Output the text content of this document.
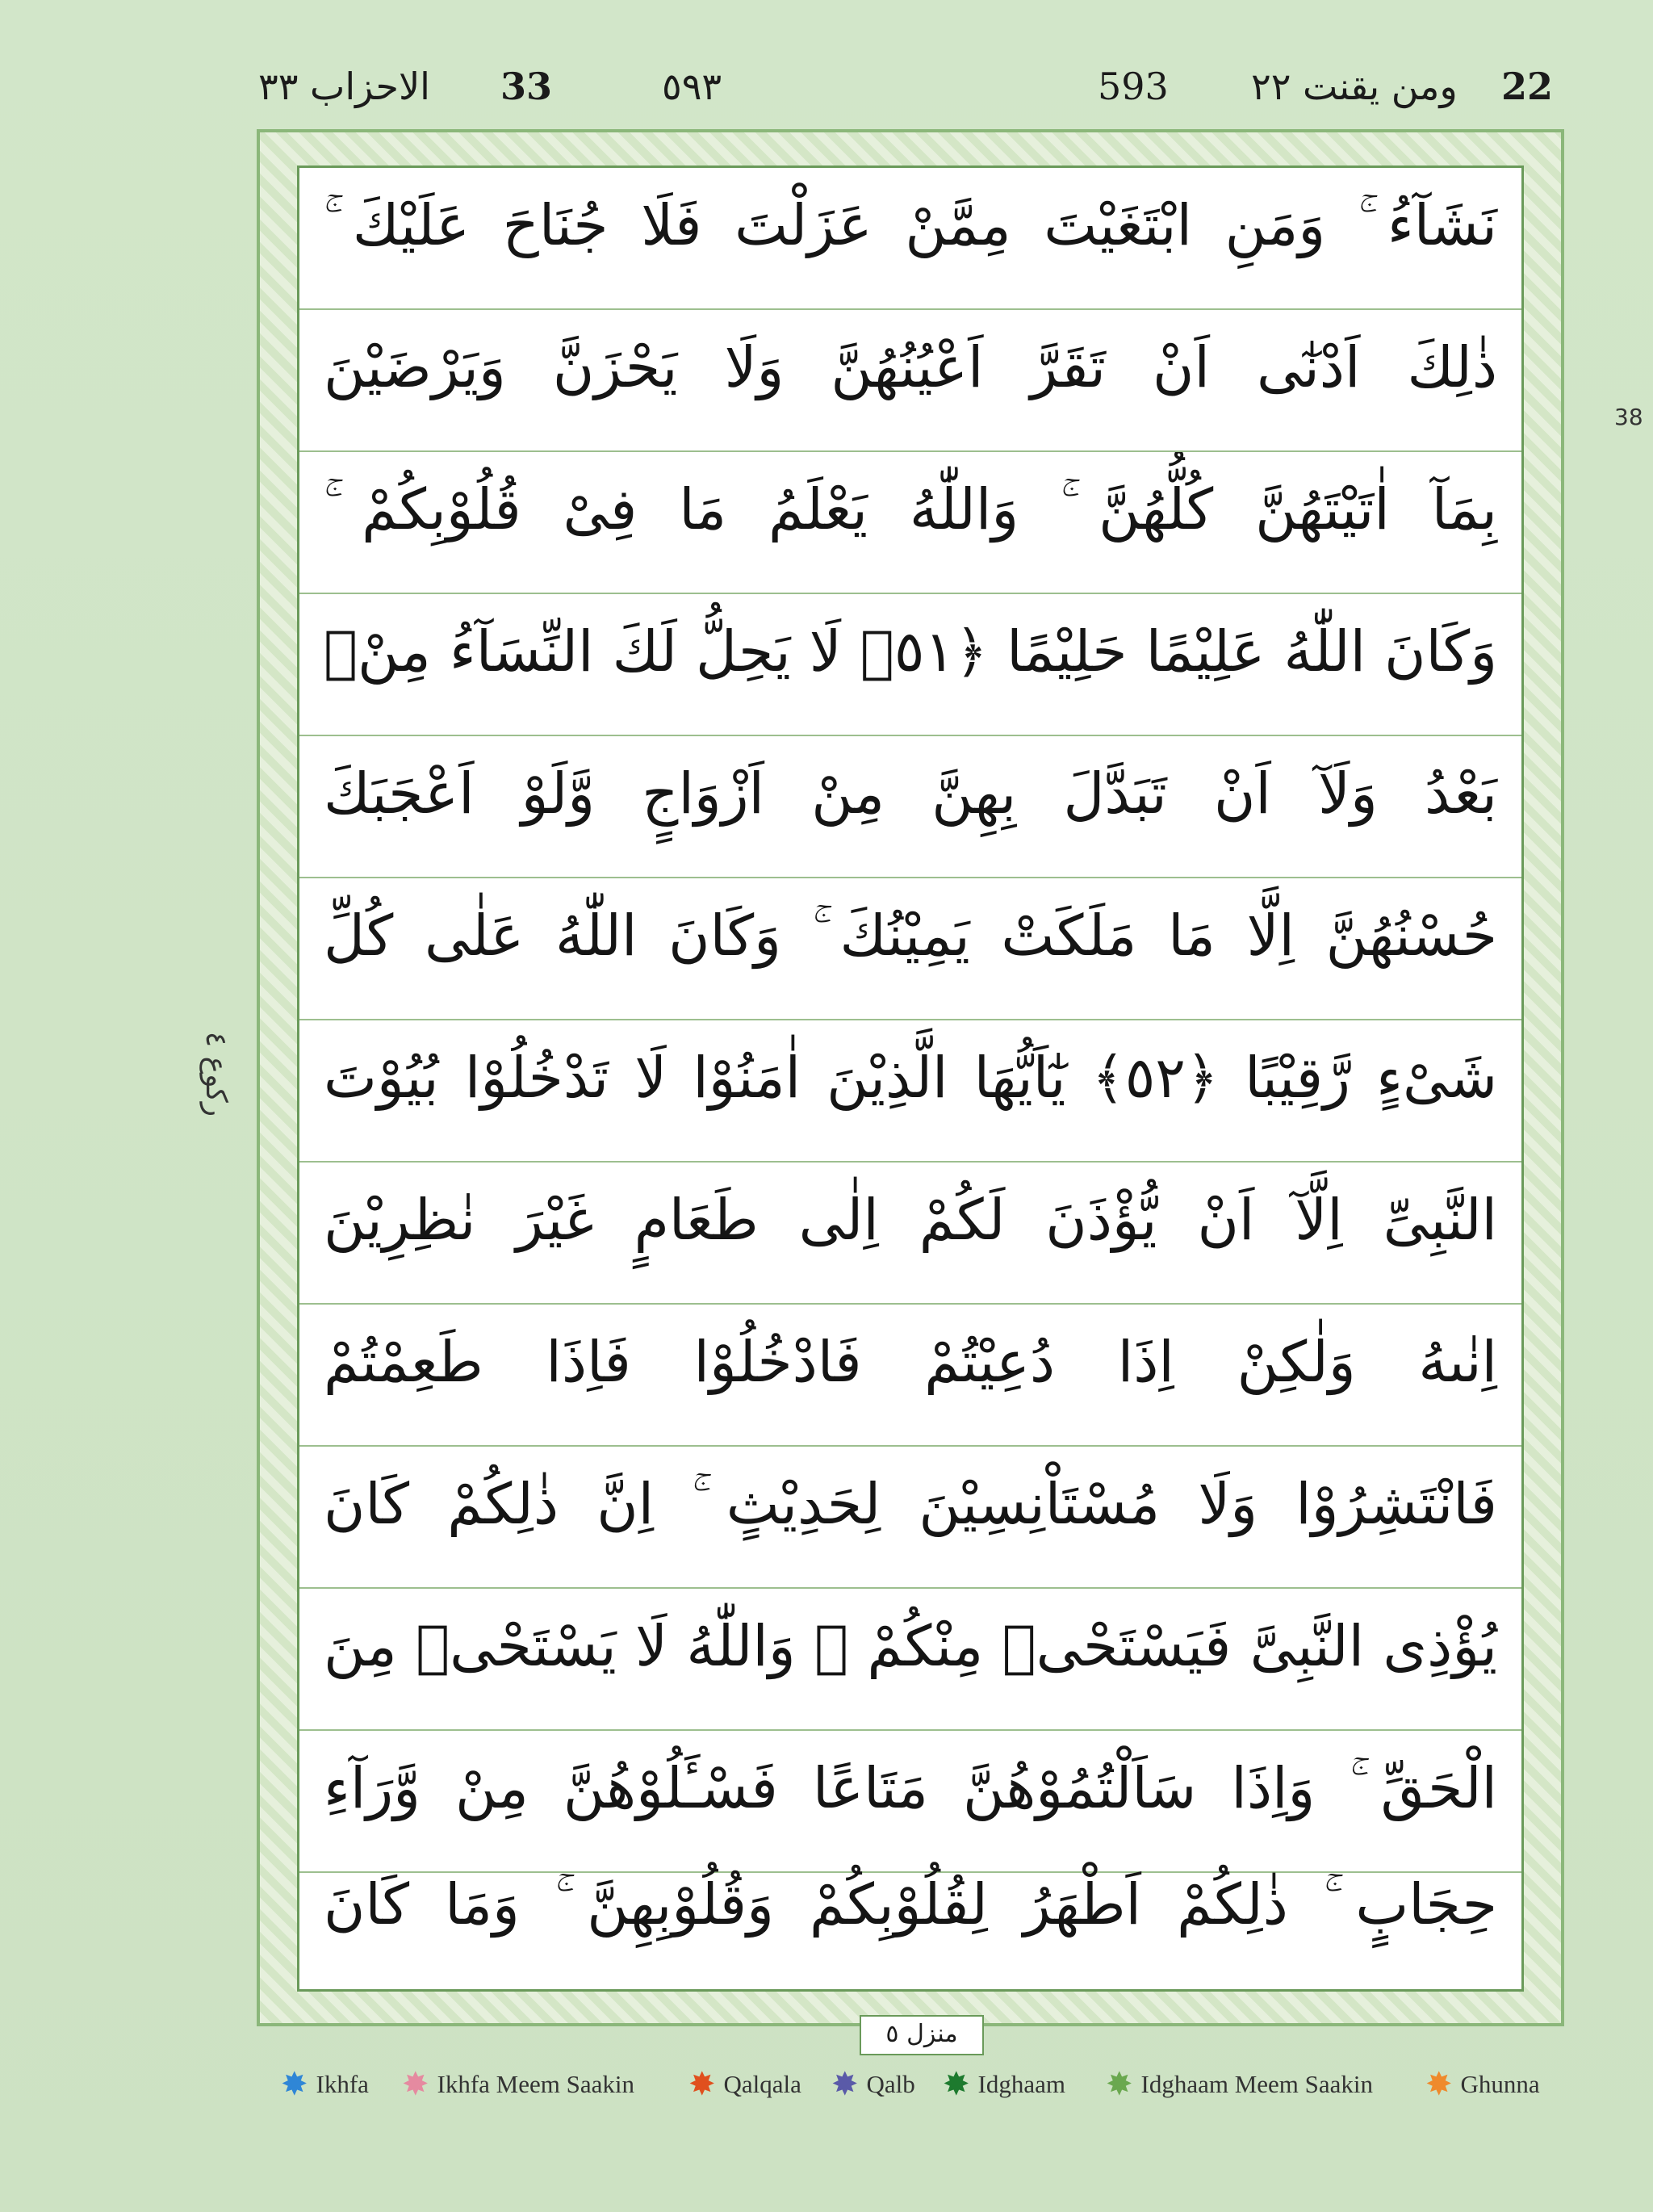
الاحزاب ٣٣ 33	٥٩٣	593 ومن يقنت ٢٢ 22
38
ركوع ٤
نَشَآءُ ۚ وَمَنِ ابْتَغَيْتَ مِمَّنْ عَزَلْتَ فَلَا جُنَاحَ عَلَيْكَ ۚ
ذٰلِكَ اَدْنٰٓى اَنْ تَقَرَّ اَعْيُنُهُنَّ وَلَا يَحْزَنَّ وَيَرْضَيْنَ
بِمَآ اٰتَيْتَهُنَّ كُلُّهُنَّ ۚ وَاللّٰهُ يَعْلَمُ مَا فِىْ قُلُوْبِكُمْ ۚ
وَكَانَ اللّٰهُ عَلِيْمًا حَلِيْمًا ﴿٥١﴾ لَا يَحِلُّ لَكَ النِّسَآءُ مِنْۢ
بَعْدُ وَلَآ اَنْ تَبَدَّلَ بِهِنَّ مِنْ اَزْوَاجٍ وَّلَوْ اَعْجَبَكَ
حُسْنُهُنَّ اِلَّا مَا مَلَكَتْ يَمِيْنُكَ ۚ وَكَانَ اللّٰهُ عَلٰى كُلِّ
شَىْءٍ رَّقِيْبًا ﴿٥٢﴾ يٰٓاَيُّهَا الَّذِيْنَ اٰمَنُوْا لَا تَدْخُلُوْا بُيُوْتَ
النَّبِىِّ اِلَّآ اَنْ يُّؤْذَنَ لَكُمْ اِلٰى طَعَامٍ غَيْرَ نٰظِرِيْنَ
اِنٰىهُ وَلٰكِنْ اِذَا دُعِيْتُمْ فَادْخُلُوْا فَاِذَا طَعِمْتُمْ
فَانْتَشِرُوْا وَلَا مُسْتَاْنِسِيْنَ لِحَدِيْثٍ ۚ اِنَّ ذٰلِكُمْ كَانَ
يُؤْذِى النَّبِىَّ فَيَسْتَحْىٖ مِنْكُمْ ۚ وَاللّٰهُ لَا يَسْتَحْىٖ مِنَ
الْحَقِّ ۚ وَاِذَا سَاَلْتُمُوْهُنَّ مَتَاعًا فَسْـَٔلُوْهُنَّ مِنْ وَّرَآءِ
حِجَابٍ ۚ ذٰلِكُمْ اَطْهَرُ لِقُلُوْبِكُمْ وَقُلُوْبِهِنَّ ۚ وَمَا كَانَ
منزل ٥
✸ Ikhfa ✸ Ikhfa Meem Saakin ✸ Qalqala ✸ Qalb ✸ Idghaam ✸ Idghaam Meem Saakin ✸ Ghunna
